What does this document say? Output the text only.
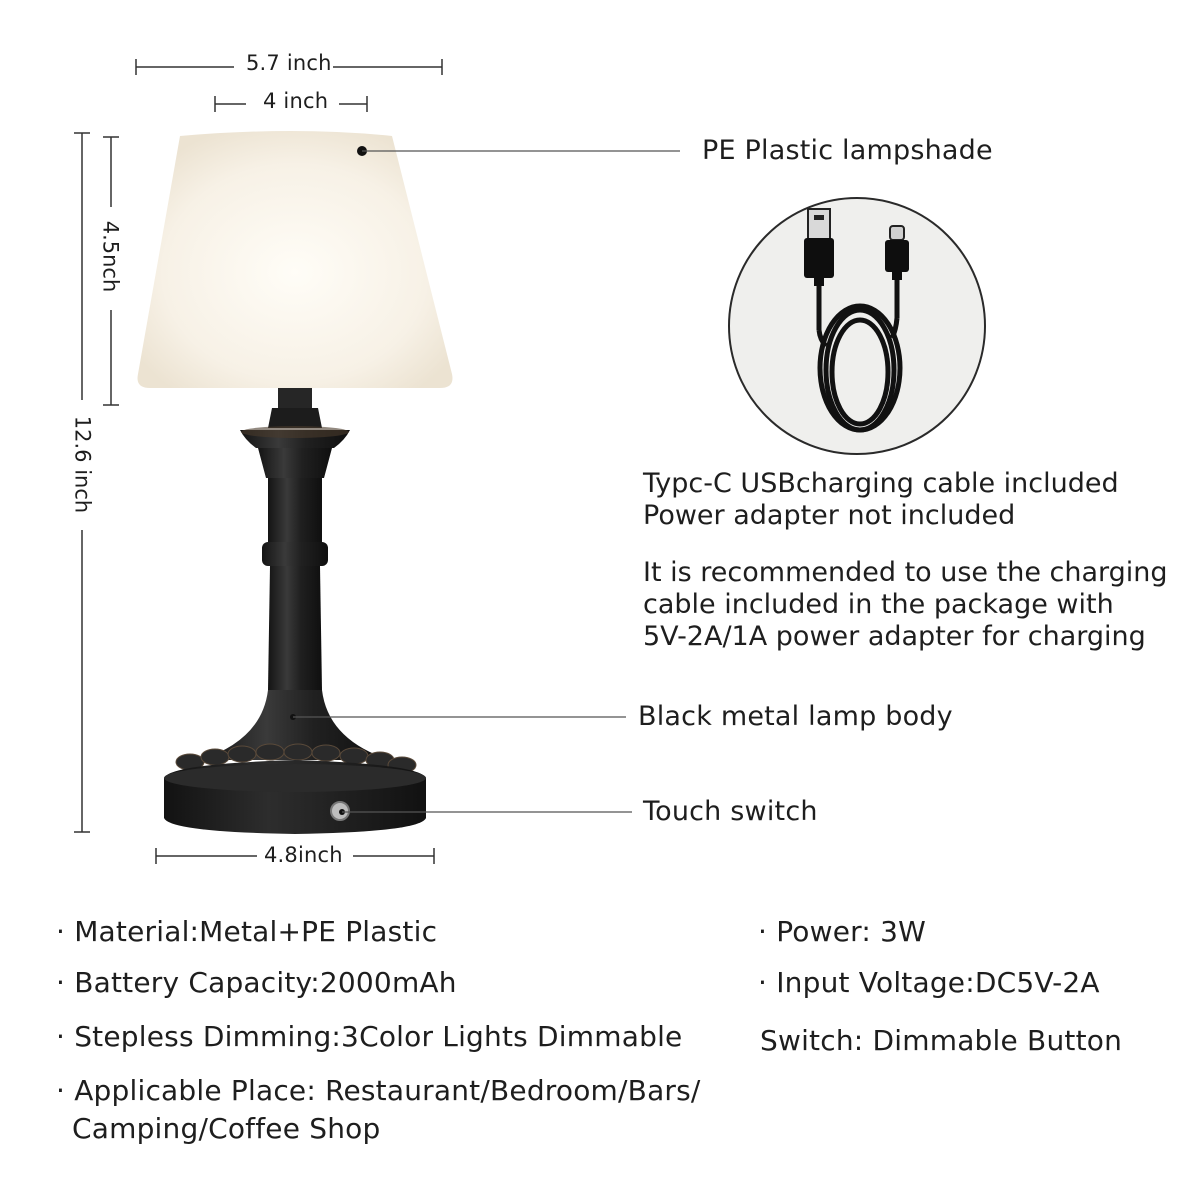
5.7 inch
4 inch
4.5nch
12.6 inch
4.8inch
PE Plastic lampshade
Black metal lamp body
Touch switch
Typc-C USBcharging cable included
Power adapter not included
It is recommended to use the charging
cable included in the package with
5V-2A/1A power adapter for charging
· Material:Metal+PE Plastic
· Battery Capacity:2000mAh
· Stepless Dimming:3Color Lights Dimmable
· Applicable Place: Restaurant/Bedroom/Bars/
Camping/Coffee Shop
· Power: 3W
· Input Voltage:DC5V-2A
Switch: Dimmable Button
